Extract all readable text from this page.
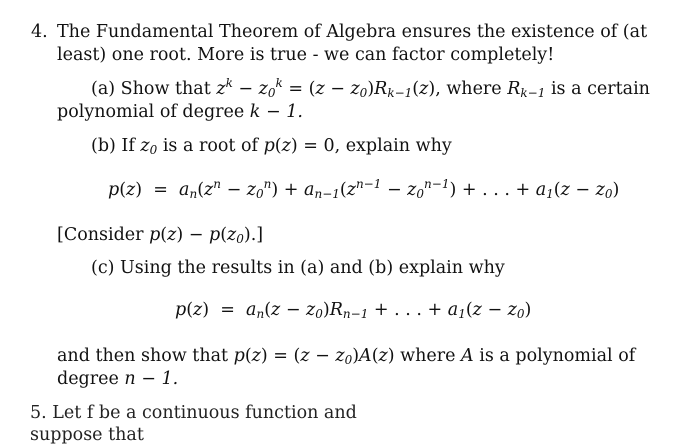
4. The Fundamental Theorem of Algebra ensures the existence of (at
least) one root. More is true - we can factor completely!
(a) Show that $z^k - z_0^k = (z - z_0)R_{k-1}(z)$, where $R_{k-1}$ is a certain
polynomial of degree k − 1.
(b) If $z_0$ is a root of p(z) = 0, explain why
$p(z) = a_n(z^n - z_0^n) + a_{n-1}(z^{n-1} - z_0^{n-1})$ + . . . + $a_1(z - z_0)$
[Consider $p(z) - p(z_0)$.]
(c) Using the results in (a) and (b) explain why
$p(z) = a_n(z - z_0)R_{n-1}$ + . . . + $a_1(z - z_0)$
and then show that $p(z) = (z - z_0)A(z)$ where A is a polynomial of
degree n − 1.
5. Let f be a continuous function and suppose that
